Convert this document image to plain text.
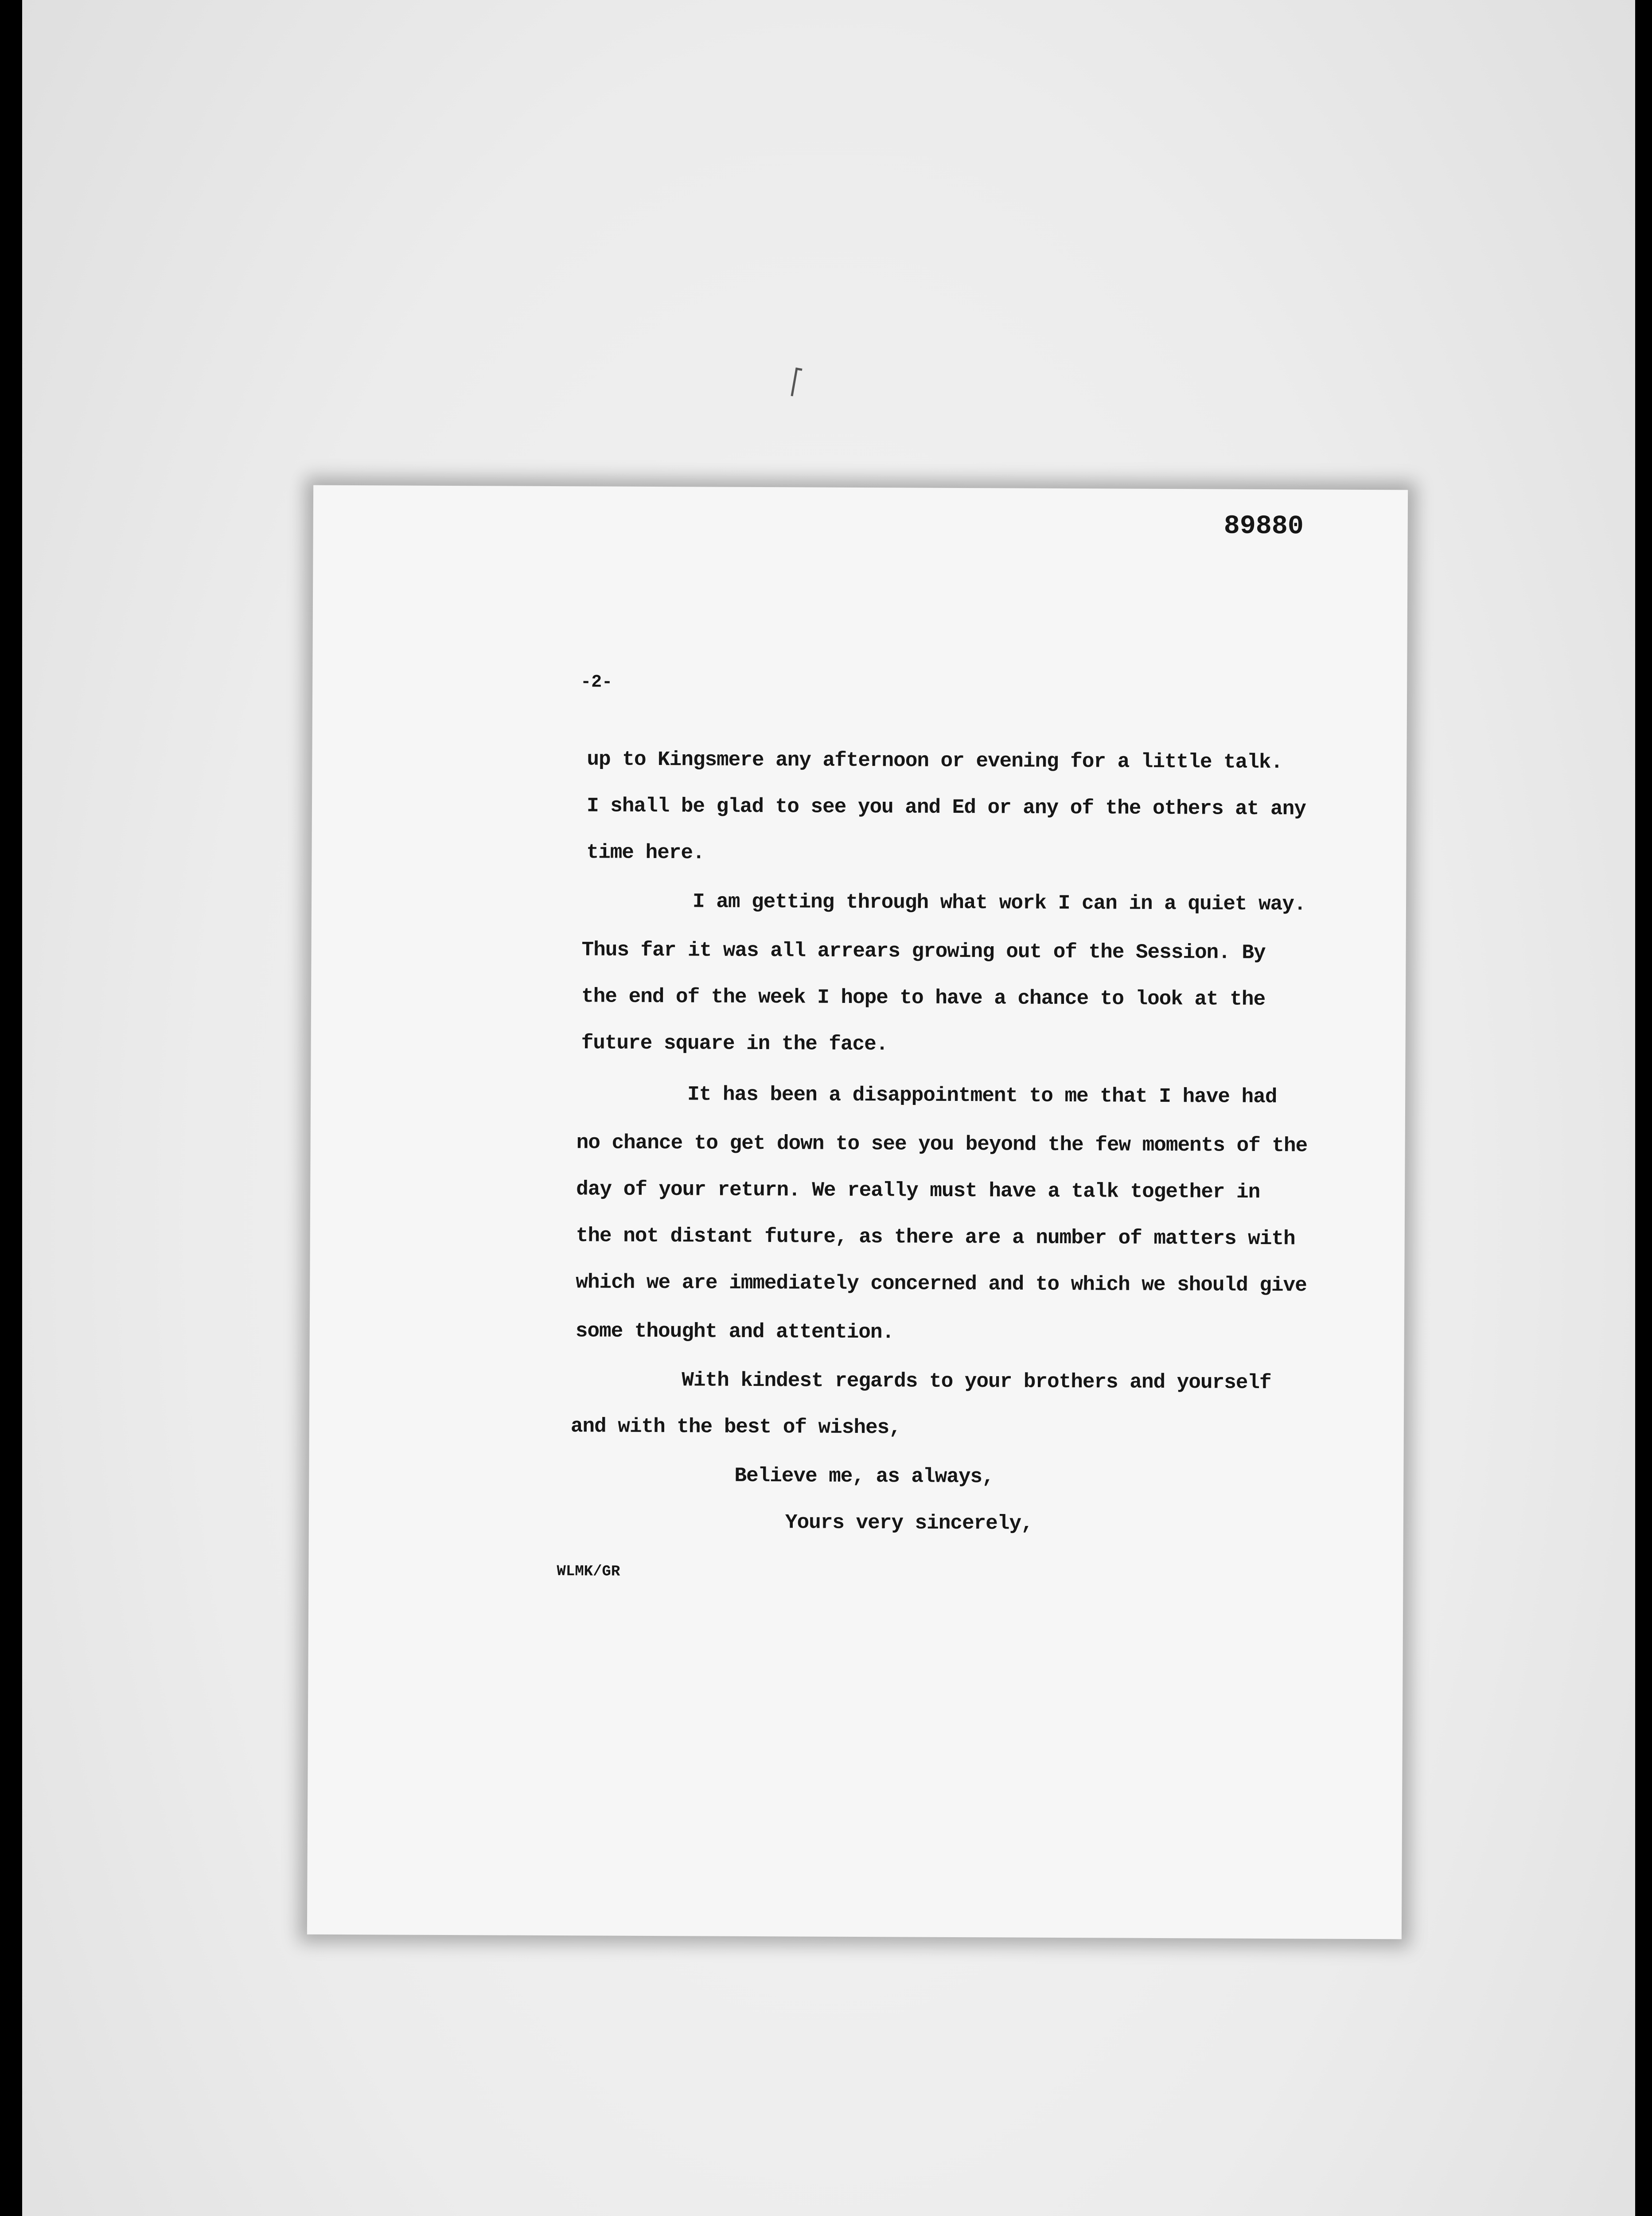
89880
-2-
up to Kingsmere any afternoon or evening for a little talk.
I shall be glad to see you and Ed or any of the others at any
time here.
I am getting through what work I can in a quiet way.
Thus far it was all arrears growing out of the Session. By
the end of the week I hope to have a chance to look at the
future square in the face.
It has been a disappointment to me that I have had
no chance to get down to see you beyond the few moments of the
day of your return. We really must have a talk together in
the not distant future, as there are a number of matters with
which we are immediately concerned and to which we should give
some thought and attention.
With kindest regards to your brothers and yourself
and with the best of wishes,
Believe me, as always,
Yours very sincerely,
WLMK/GR
